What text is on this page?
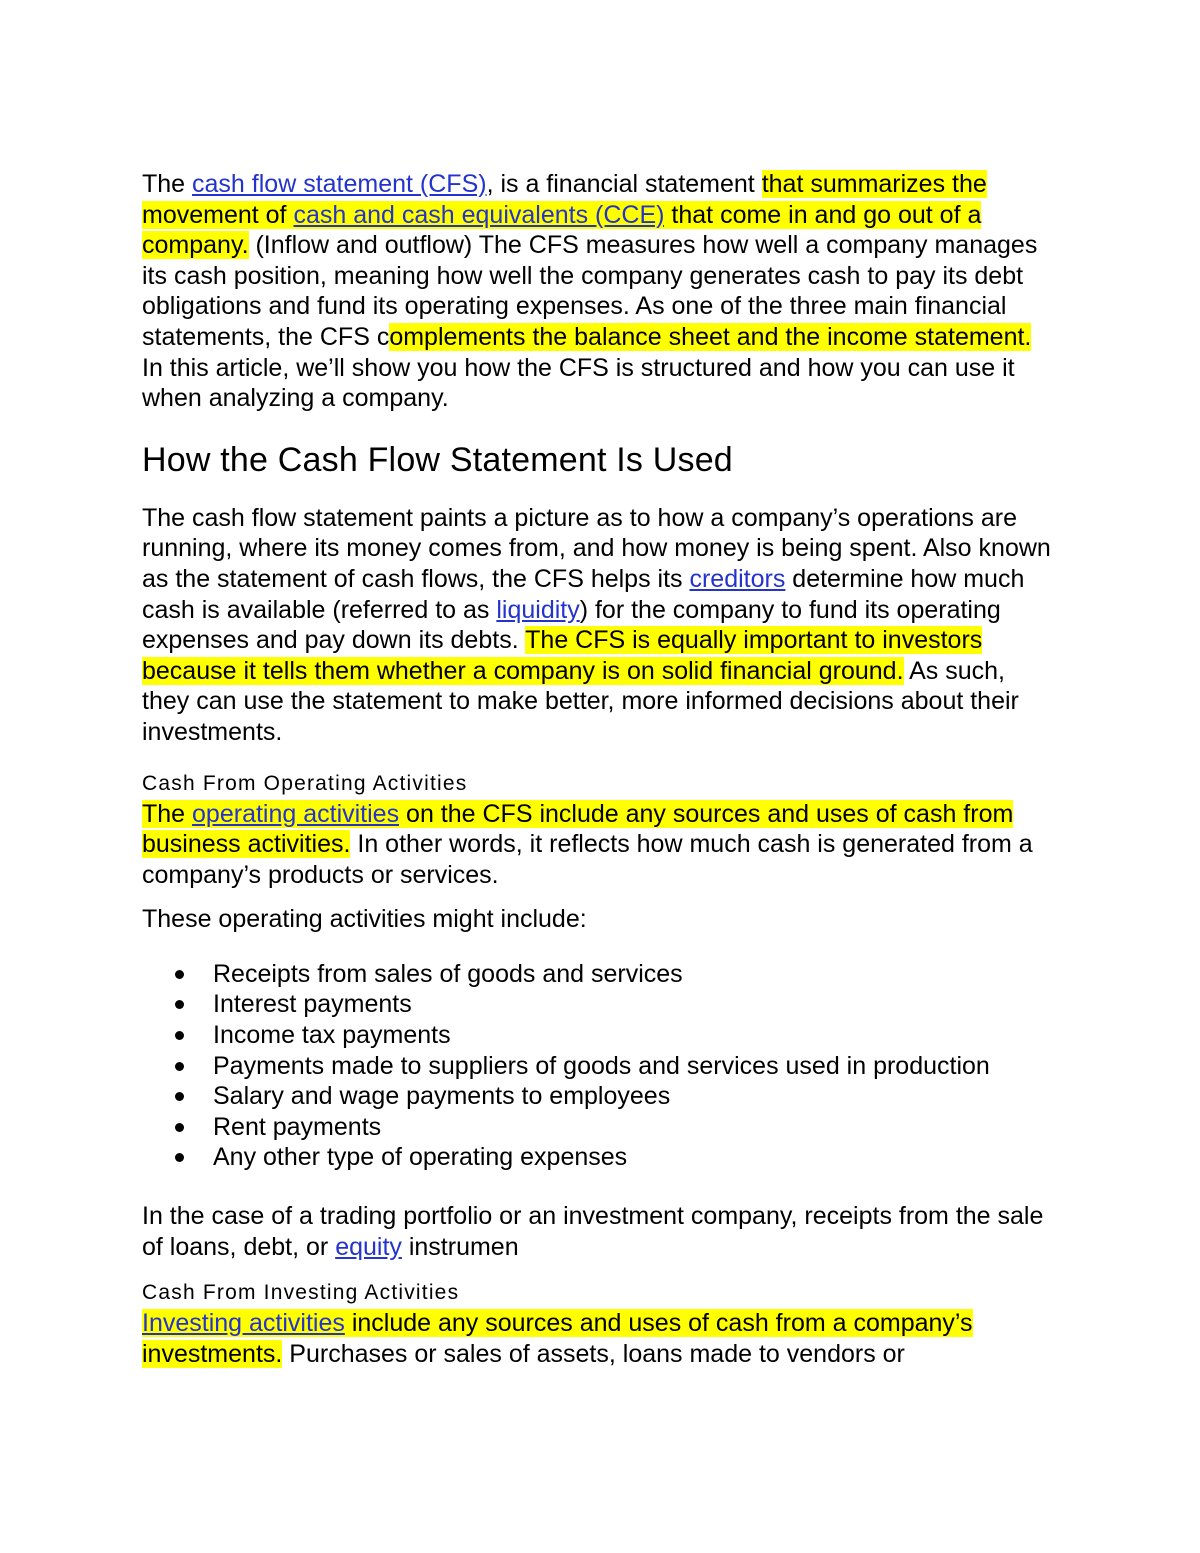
The cash flow statement (CFS), is a financial statement that summarizes the movement of cash and cash equivalents (CCE) that come in and go out of a company. (Inflow and outflow) The CFS measures how well a company manages its cash position, meaning how well the company generates cash to pay its debt obligations and fund its operating expenses. As one of the three main financial statements, the CFS complements the balance sheet and the income statement. In this article, we’ll show you how the CFS is structured and how you can use it when analyzing a company.

How the Cash Flow Statement Is Used

The cash flow statement paints a picture as to how a company’s operations are running, where its money comes from, and how money is being spent. Also known as the statement of cash flows, the CFS helps its creditors determine how much cash is available (referred to as liquidity) for the company to fund its operating expenses and pay down its debts. The CFS is equally important to investors because it tells them whether a company is on solid financial ground. As such, they can use the statement to make better, more informed decisions about their investments.

Cash From Operating Activities

The operating activities on the CFS include any sources and uses of cash from business activities. In other words, it reflects how much cash is generated from a company’s products or services.

These operating activities might include:

Receipts from sales of goods and services
Interest payments
Income tax payments
Payments made to suppliers of goods and services used in production
Salary and wage payments to employees
Rent payments
Any other type of operating expenses

In the case of a trading portfolio or an investment company, receipts from the sale of loans, debt, or equity instrumen

Cash From Investing Activities

Investing activities include any sources and uses of cash from a company’s investments. Purchases or sales of assets, loans made to vendors or
